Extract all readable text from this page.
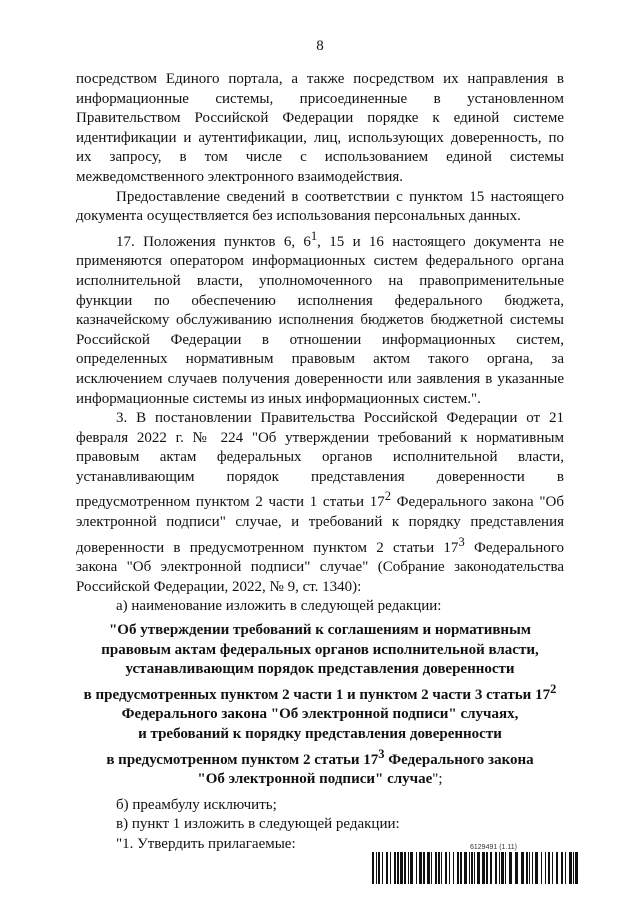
8

посредством Единого портала, а также посредством их направления в информационные системы, присоединенные в установленном Правительством Российской Федерации порядке к единой системе идентификации и аутентификации, лиц, использующих доверенность, по их запросу, в том числе с использованием единой системы межведомственного электронного взаимодействия.

Предоставление сведений в соответствии с пунктом 15 настоящего документа осуществляется без использования персональных данных.

17. Положения пунктов 6, $6^1$, 15 и 16 настоящего документа не применяются оператором информационных систем федерального органа исполнительной власти, уполномоченного на правоприменительные функции по обеспечению исполнения федерального бюджета, казначейскому обслуживанию исполнения бюджетов бюджетной системы Российской Федерации в отношении информационных систем, определенных нормативным правовым актом такого органа, за исключением случаев получения доверенности или заявления в указанные информационные системы из иных информационных систем.".

3. В постановлении Правительства Российской Федерации от 21 февраля 2022 г. № 224 "Об утверждении требований к нормативным правовым актам федеральных органов исполнительной власти, устанавливающим порядок представления доверенности в предусмотренном пунктом 2 части 1 статьи $17^2$ Федерального закона "Об электронной подписи" случае, и требований к порядку представления доверенности в предусмотренном пунктом 2 статьи $17^3$ Федерального закона "Об электронной подписи" случае" (Собрание законодательства Российской Федерации, 2022, № 9, ст. 1340):

а) наименование изложить в следующей редакции:

"Об утверждении требований к соглашениям и нормативным
правовым актам федеральных органов исполнительной власти,
устанавливающим порядок представления доверенности
в предусмотренных пунктом 2 части 1 и пунктом 2 части 3 статьи $17^2$
Федерального закона "Об электронной подписи" случаях,
и требований к порядку представления доверенности
в предусмотренном пунктом 2 статьи $17^3$ Федерального закона
"Об электронной подписи" случае";

б) преамбулу исключить;

в) пункт 1 изложить в следующей редакции:

"1. Утвердить прилагаемые:	6129491 (1.11)
